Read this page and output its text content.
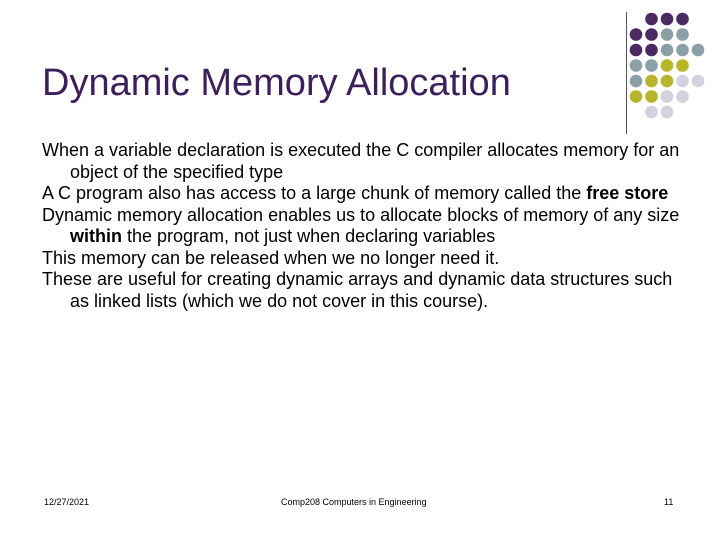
Dynamic Memory Allocation

When a variable declaration is executed the C compiler allocates memory for an object of the specified type

A C program also has access to a large chunk of memory called the free store

Dynamic memory allocation enables us to allocate blocks of memory of any size within the program, not just when declaring variables

This memory can be released when we no longer need it.

These are useful for creating dynamic arrays and dynamic data structures such as linked lists (which we do not cover in this course).

12/27/2021	Comp208 Computers in Engineering	11
